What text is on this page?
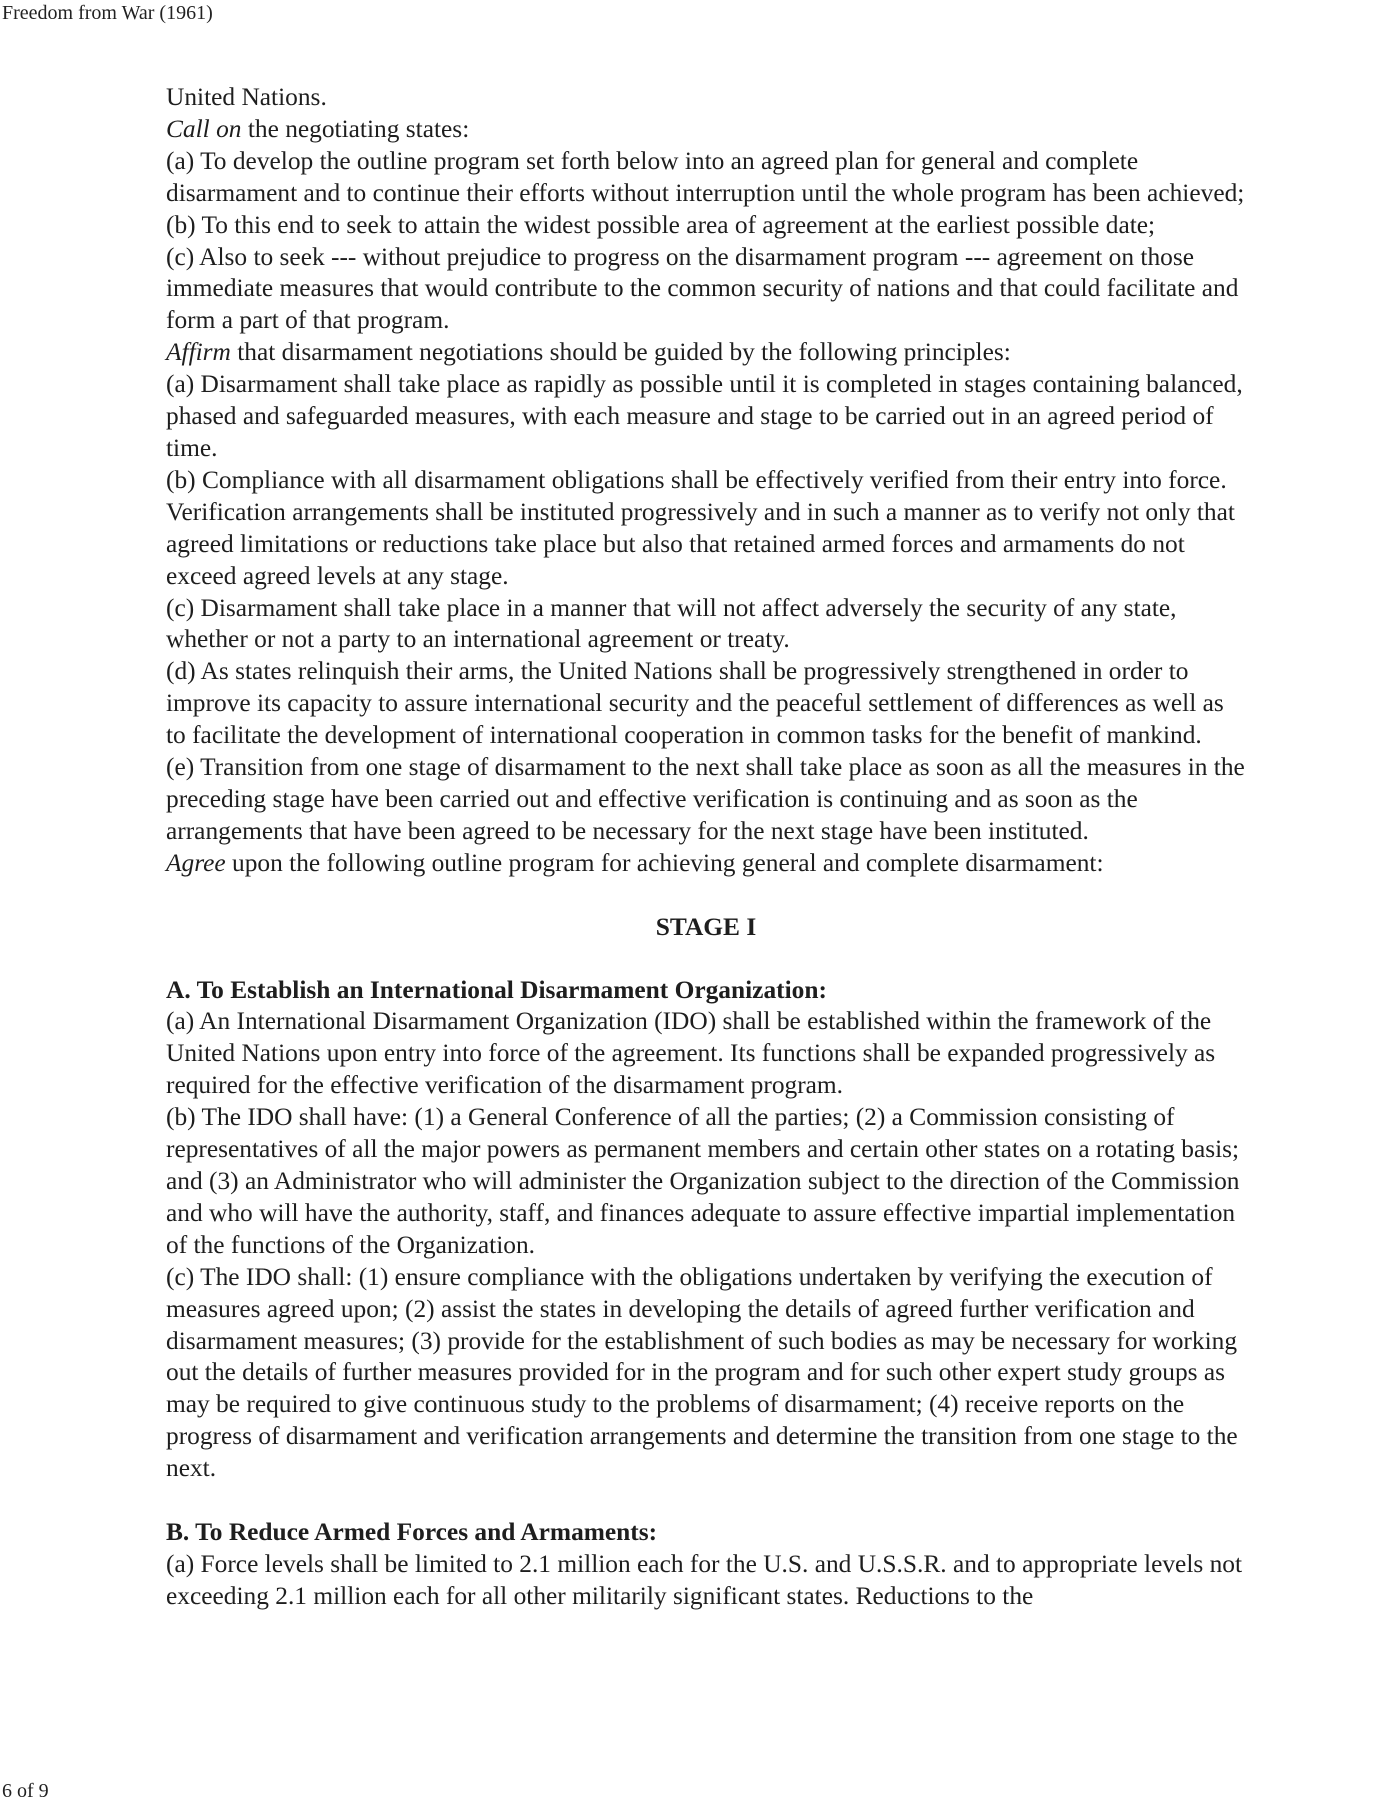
Freedom from War (1961)

United Nations.

Call on the negotiating states:

(a) To develop the outline program set forth below into an agreed plan for general and complete disarmament and to continue their efforts without interruption until the whole program has been achieved;

(b) To this end to seek to attain the widest possible area of agreement at the earliest possible date;

(c) Also to seek --- without prejudice to progress on the disarmament program --- agreement on those immediate measures that would contribute to the common security of nations and that could facilitate and form a part of that program.

Affirm that disarmament negotiations should be guided by the following principles:

(a) Disarmament shall take place as rapidly as possible until it is completed in stages containing balanced, phased and safeguarded measures, with each measure and stage to be carried out in an agreed period of time.

(b) Compliance with all disarmament obligations shall be effectively verified from their entry into force. Verification arrangements shall be instituted progressively and in such a manner as to verify not only that agreed limitations or reductions take place but also that retained armed forces and armaments do not exceed agreed levels at any stage.

(c) Disarmament shall take place in a manner that will not affect adversely the security of any state, whether or not a party to an international agreement or treaty.

(d) As states relinquish their arms, the United Nations shall be progressively strengthened in order to improve its capacity to assure international security and the peaceful settlement of differences as well as to facilitate the development of international cooperation in common tasks for the benefit of mankind.

(e) Transition from one stage of disarmament to the next shall take place as soon as all the measures in the preceding stage have been carried out and effective verification is continuing and as soon as the arrangements that have been agreed to be necessary for the next stage have been instituted.

Agree upon the following outline program for achieving general and complete disarmament:

STAGE I

A. To Establish an International Disarmament Organization:

(a) An International Disarmament Organization (IDO) shall be established within the framework of the United Nations upon entry into force of the agreement. Its functions shall be expanded progressively as required for the effective verification of the disarmament program.

(b) The IDO shall have: (1) a General Conference of all the parties; (2) a Commission consisting of representatives of all the major powers as permanent members and certain other states on a rotating basis; and (3) an Administrator who will administer the Organization subject to the direction of the Commission and who will have the authority, staff, and finances adequate to assure effective impartial implementation of the functions of the Organization.

(c) The IDO shall: (1) ensure compliance with the obligations undertaken by verifying the execution of measures agreed upon; (2) assist the states in developing the details of agreed further verification and disarmament measures; (3) provide for the establishment of such bodies as may be necessary for working out the details of further measures provided for in the program and for such other expert study groups as may be required to give continuous study to the problems of disarmament; (4) receive reports on the progress of disarmament and verification arrangements and determine the transition from one stage to the next.

B. To Reduce Armed Forces and Armaments:

(a) Force levels shall be limited to 2.1 million each for the U.S. and U.S.S.R. and to appropriate levels not exceeding 2.1 million each for all other militarily significant states. Reductions to the

6 of 9
